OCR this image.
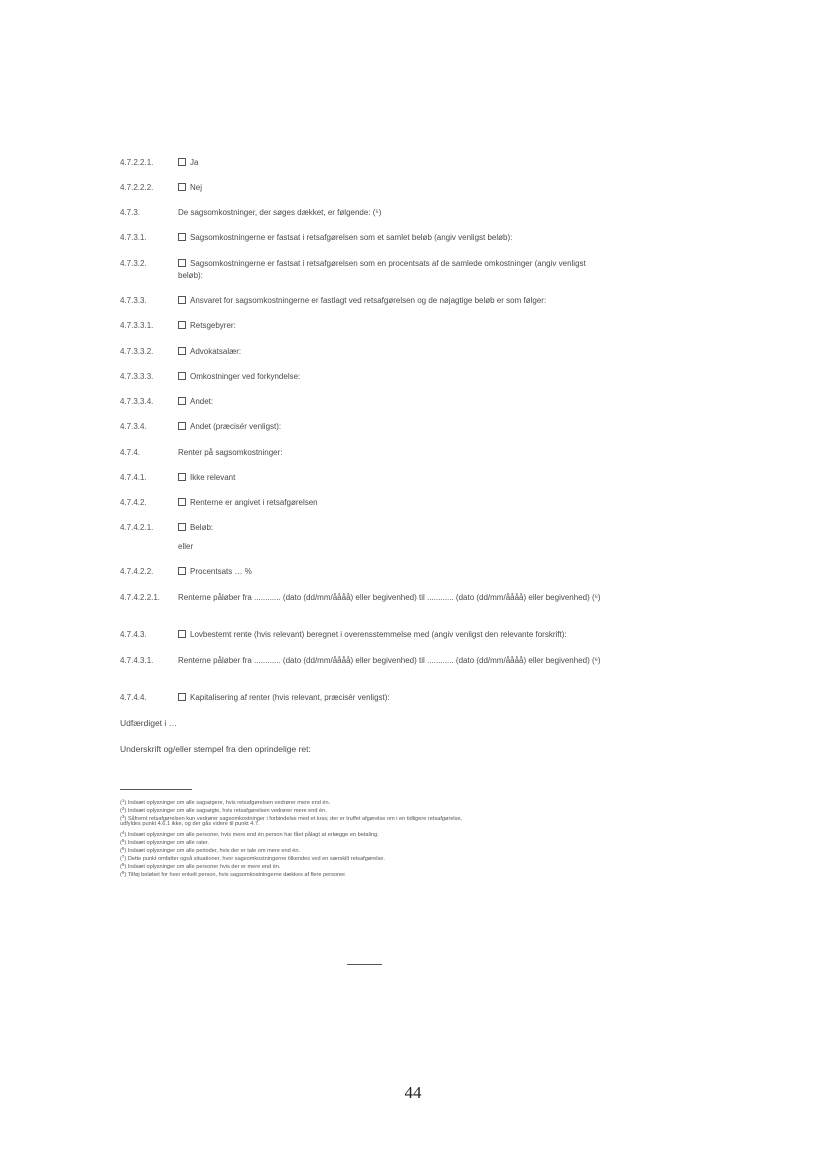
4.7.2.2.1.	Ja
4.7.2.2.2.	Nej
4.7.3.	De sagsomkostninger, der søges dækket, er følgende: (⁵)
4.7.3.1.	Sagsomkostningerne er fastsat i retsafgørelsen som et samlet beløb (angiv venligst beløb):
4.7.3.2.	Sagsomkostningerne er fastsat i retsafgørelsen som en procentsats af de samlede omkostninger (angiv venligst beløb):
4.7.3.3.	Ansvaret for sagsomkostningerne er fastlagt ved retsafgørelsen og de nøjagtige beløb er som følger:
4.7.3.3.1.	Retsgebyrer:
4.7.3.3.2.	Advokatsalær:
4.7.3.3.3.	Omkostninger ved forkyndelse:
4.7.3.3.4.	Andet:
4.7.3.4.	Andet (præcisér venligst):
4.7.4.	Renter på sagsomkostninger:
4.7.4.1.	Ikke relevant
4.7.4.2.	Renterne er angivet i retsafgørelsen
4.7.4.2.1.	Beløb:
eller
4.7.4.2.2.	Procentsats … %
4.7.4.2.2.1.	Renterne påløber fra ............ (dato (dd/mm/åååå) eller begivenhed) til ............ (dato (dd/mm/åååå) eller begivenhed) (⁶)
4.7.4.3.	Lovbestemt rente (hvis relevant) beregnet i overensstemmelse med (angiv venligst den relevante forskrift):
4.7.4.3.1.	Renterne påløber fra ............ (dato (dd/mm/åååå) eller begivenhed) til ............ (dato (dd/mm/åååå) eller begivenhed) (⁶)
4.7.4.4.	Kapitalisering af renter (hvis relevant, præcisér venligst):
Udfærdiget i …
Underskrift og/eller stempel fra den oprindelige ret:
($^1$) Indsæt oplysninger om alle sagsøgere, hvis retsafgørelsen vedrører mere end én.
($^2$) Indsæt oplysninger om alle sagsøgte, hvis retsafgørelsen vedrører mere end én.
($^3$) Såfremt retsafgørelsen kun vedrører sagsomkostninger i forbindelse med et krav, der er truffet afgørelse om i en tidligere retsafgørelse,
udfyldes punkt 4.6.1 ikke, og der gås videre til punkt 4.7.
($^4$) Indsæt oplysninger om alle personer, hvis mere end én person har fået pålagt at erlægge en betaling.
($^5$) Indsæt oplysninger om alle rater.
($^6$) Indsæt oplysninger om alle perioder, hvis der er tale om mere end én.
($^7$) Dette punkt omfatter også situationer, hvor sagsomkostningerne tilkendes ved en særskilt retsafgørelse.
($^8$) Indsæt oplysninger om alle personer hvis der er mere end én.
($^9$) Tilføj beløbet for hver enkelt person, hvis sagsomkostningerne dækkes af flere personer.
44
